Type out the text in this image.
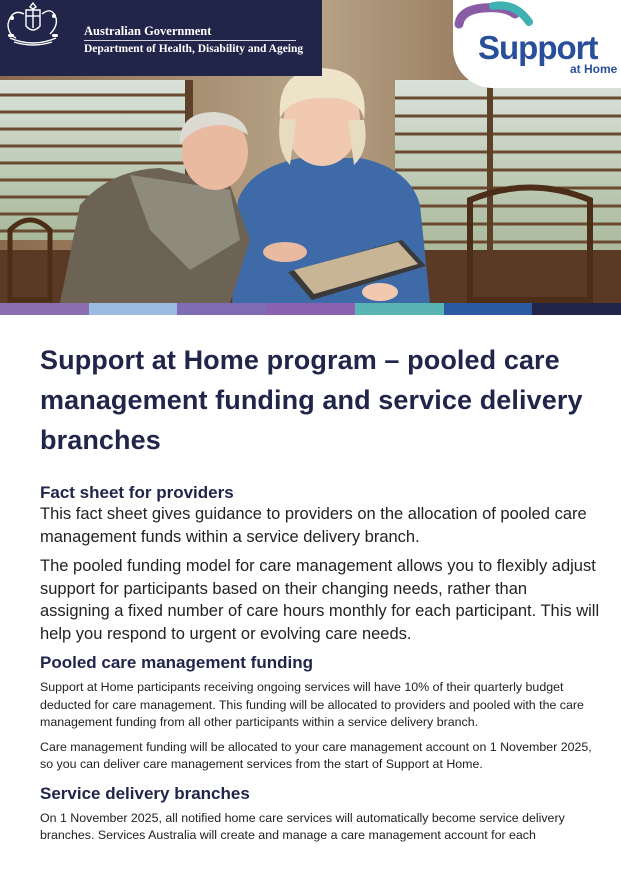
Australian Government
Department of Health, Disability and Ageing	Support
at Home
Support at Home program – pooled care management funding and service delivery branches
Fact sheet for providers

This fact sheet gives guidance to providers on the allocation of pooled care management funds within a service delivery branch.

The pooled funding model for care management allows you to flexibly adjust support for participants based on their changing needs, rather than assigning a fixed number of care hours monthly for each participant. This will help you respond to urgent or evolving care needs.

Pooled care management funding

Support at Home participants receiving ongoing services will have 10% of their quarterly budget deducted for care management. This funding will be allocated to providers and pooled with the care management funding from all other participants within a service delivery branch.

Care management funding will be allocated to your care management account on 1 November 2025, so you can deliver care management services from the start of Support at Home.

Service delivery branches

On 1 November 2025, all notified home care services will automatically become service delivery branches. Services Australia will create and manage a care management account for each
